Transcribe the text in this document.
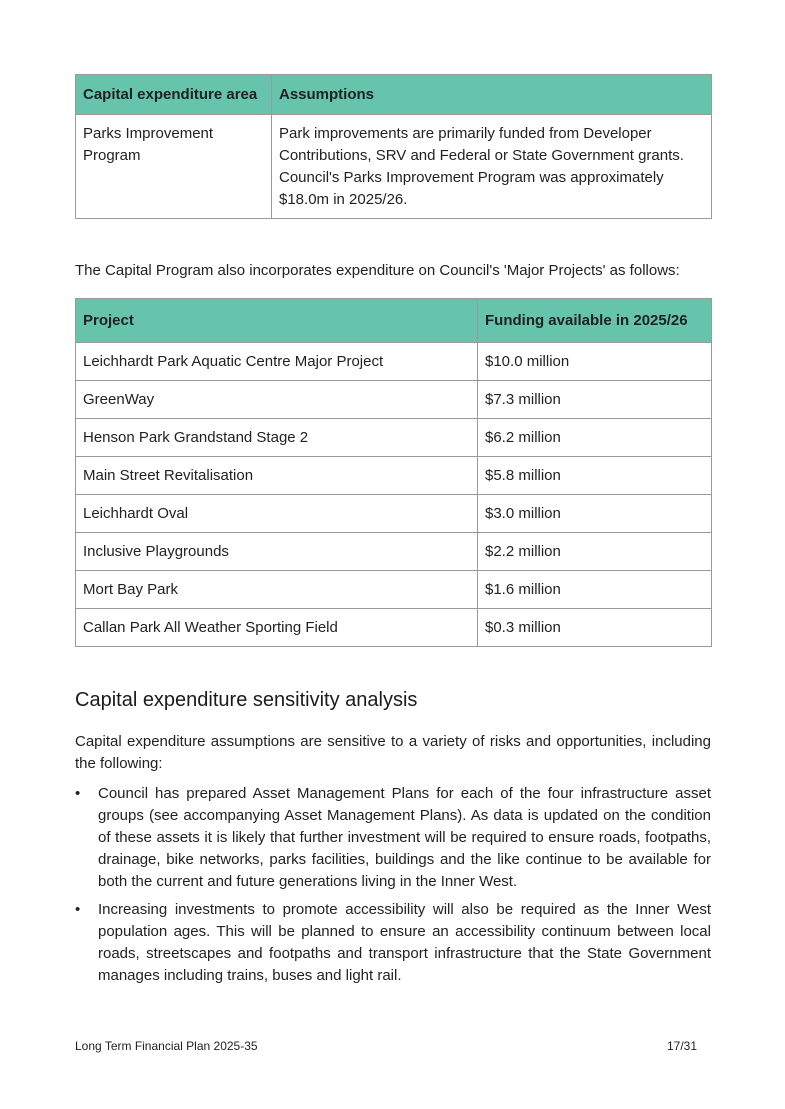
Capital expenditure area	Assumptions
Parks Improvement Program	Park improvements are primarily funded from Developer Contributions, SRV and Federal or State Government grants. Council's Parks Improvement Program was approximately $18.0m in 2025/26.

The Capital Program also incorporates expenditure on Council's 'Major Projects' as follows:

Project	Funding available in 2025/26
Leichhardt Park Aquatic Centre Major Project	$10.0 million
GreenWay	$7.3 million
Henson Park Grandstand Stage 2	$6.2 million
Main Street Revitalisation	$5.8 million
Leichhardt Oval	$3.0 million
Inclusive Playgrounds	$2.2 million
Mort Bay Park	$1.6 million
Callan Park All Weather Sporting Field	$0.3 million
Capital expenditure sensitivity analysis

Capital expenditure assumptions are sensitive to a variety of risks and opportunities, including the following:

• Council has prepared Asset Management Plans for each of the four infrastructure asset groups (see accompanying Asset Management Plans). As data is updated on the condition of these assets it is likely that further investment will be required to ensure roads, footpaths, drainage, bike networks, parks facilities, buildings and the like continue to be available for both the current and future generations living in the Inner West.
• Increasing investments to promote accessibility will also be required as the Inner West population ages. This will be planned to ensure an accessibility continuum between local roads, streetscapes and footpaths and transport infrastructure that the State Government manages including trains, buses and light rail.
Long Term Financial Plan 2025-35	17/31
